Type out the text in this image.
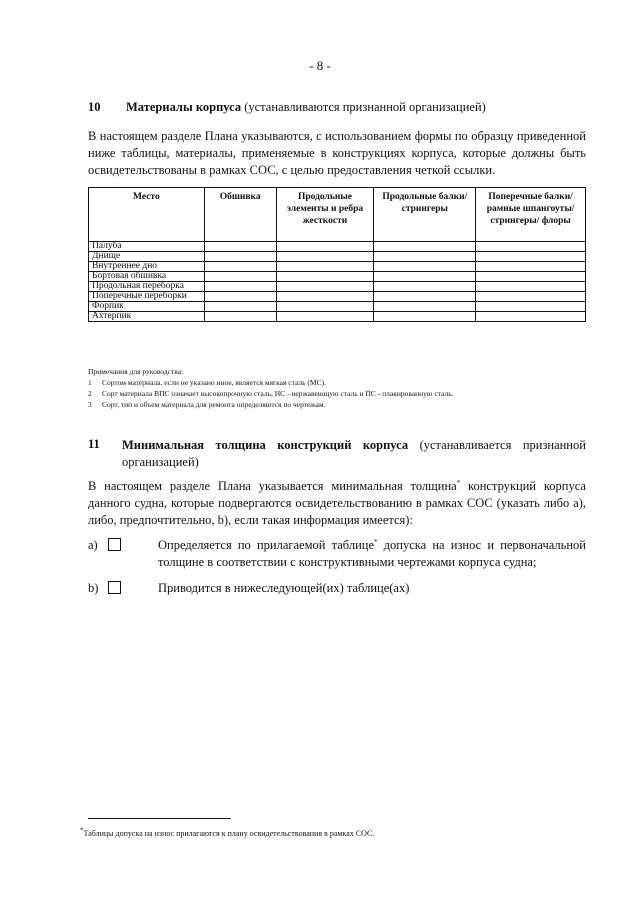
- 8 -
10 Материалы корпуса (устанавливаются признанной организацией)
В настоящем разделе Плана указываются, с использованием формы по образцу приведенной
ниже таблицы, материалы, применяемые в конструкциях корпуса, которые должны быть
освидетельствованы в рамках СОС, с целью предоставления четкой ссылки.
Место	Обшивка	Продольные элементы и ребра жесткости	Продольные балки/стрингеры	Поперечные балки/ рамные шпангоуты/ стрингеры/ флоры
Палуба				
Днище				
Внутреннее дно				
Бортовая обшивка				
Продольная переборка				
Поперечные переборки				
Форпик				
Ахтерпик				
Примечания для руководства:
1 Сортом материала, если не указано иное, является мягкая сталь (МС).
2 Сорт материала ВПС означает высокопрочную сталь, НС - нержавеющую сталь и ПС - плакированную сталь.
3 Сорт, тип и объем материала для ремонта определяются по чертежам.
11 Минимальная толщина конструкций корпуса (устанавливается признанной
организацией)
В настоящем разделе Плана указывается минимальная толщина* конструкций корпуса
данного судна, которые подвергаются освидетельствованию в рамках СОС (указать либо a),
либо, предпочтительно, b), если такая информация имеется):
a)	Определяется по прилагаемой таблице* допуска на износ и первоначальной
толщине в соответствии с конструктивными чертежами корпуса судна;
b)	Приводится в нижеследующей(их) таблице(ах)
*Таблицы допуска на износ прилагаются к плану освидетельствования в рамках СОС.
